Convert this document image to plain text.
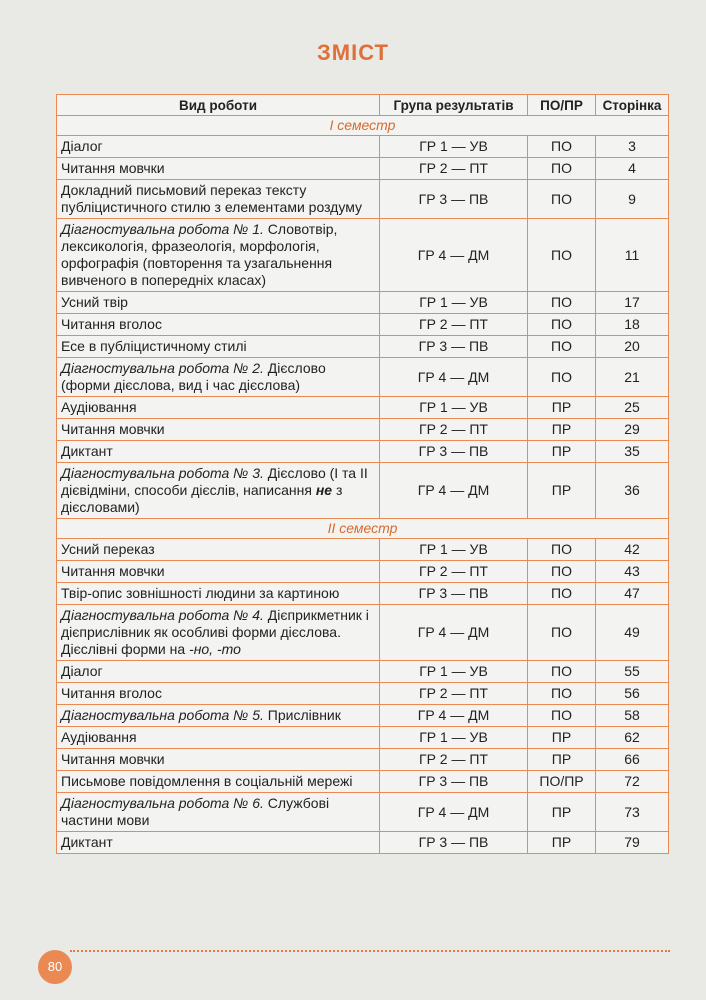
ЗМІСТ
Вид роботи	Група результатів	ПО/ПР	Сторінка
І семестр			
Діалог	ГР 1 — УВ	ПО	3
Читання мовчки	ГР 2 — ПТ	ПО	4
Докладний письмовий переказ тексту публіцистичного стилю з елементами роздуму	ГР 3 — ПВ	ПО	9
Діагностувальна робота № 1. Словотвір, лексикологія, фразеологія, морфологія, орфографія (повторення та узагальнення вивченого в попередніх класах)	ГР 4 — ДМ	ПО	11
Усний твір	ГР 1 — УВ	ПО	17
Читання вголос	ГР 2 — ПТ	ПО	18
Есе в публіцистичному стилі	ГР 3 — ПВ	ПО	20
Діагностувальна робота № 2. Дієслово (форми дієслова, вид і час дієслова)	ГР 4 — ДМ	ПО	21
Аудіювання	ГР 1 — УВ	ПР	25
Читання мовчки	ГР 2 — ПТ	ПР	29
Диктант	ГР 3 — ПВ	ПР	35
Діагностувальна робота № 3. Дієслово (І та ІІ дієвідміни, способи дієслів, написання не з дієсловами)	ГР 4 — ДМ	ПР	36
ІІ семестр			
Усний переказ	ГР 1 — УВ	ПО	42
Читання мовчки	ГР 2 — ПТ	ПО	43
Твір-опис зовнішності людини за картиною	ГР 3 — ПВ	ПО	47
Діагностувальна робота № 4. Дієприкметник і дієприслівник як особливі форми дієслова. Дієслівні форми на -но, -то	ГР 4 — ДМ	ПО	49
Діалог	ГР 1 — УВ	ПО	55
Читання вголос	ГР 2 — ПТ	ПО	56
Діагностувальна робота № 5. Прислівник	ГР 4 — ДМ	ПО	58
Аудіювання	ГР 1 — УВ	ПР	62
Читання мовчки	ГР 2 — ПТ	ПР	66
Письмове повідомлення в соціальній мережі	ГР 3 — ПВ	ПО/ПР	72
Діагностувальна робота № 6. Службові частини мови	ГР 4 — ДМ	ПР	73
Диктант	ГР 3 — ПВ	ПР	79
80
